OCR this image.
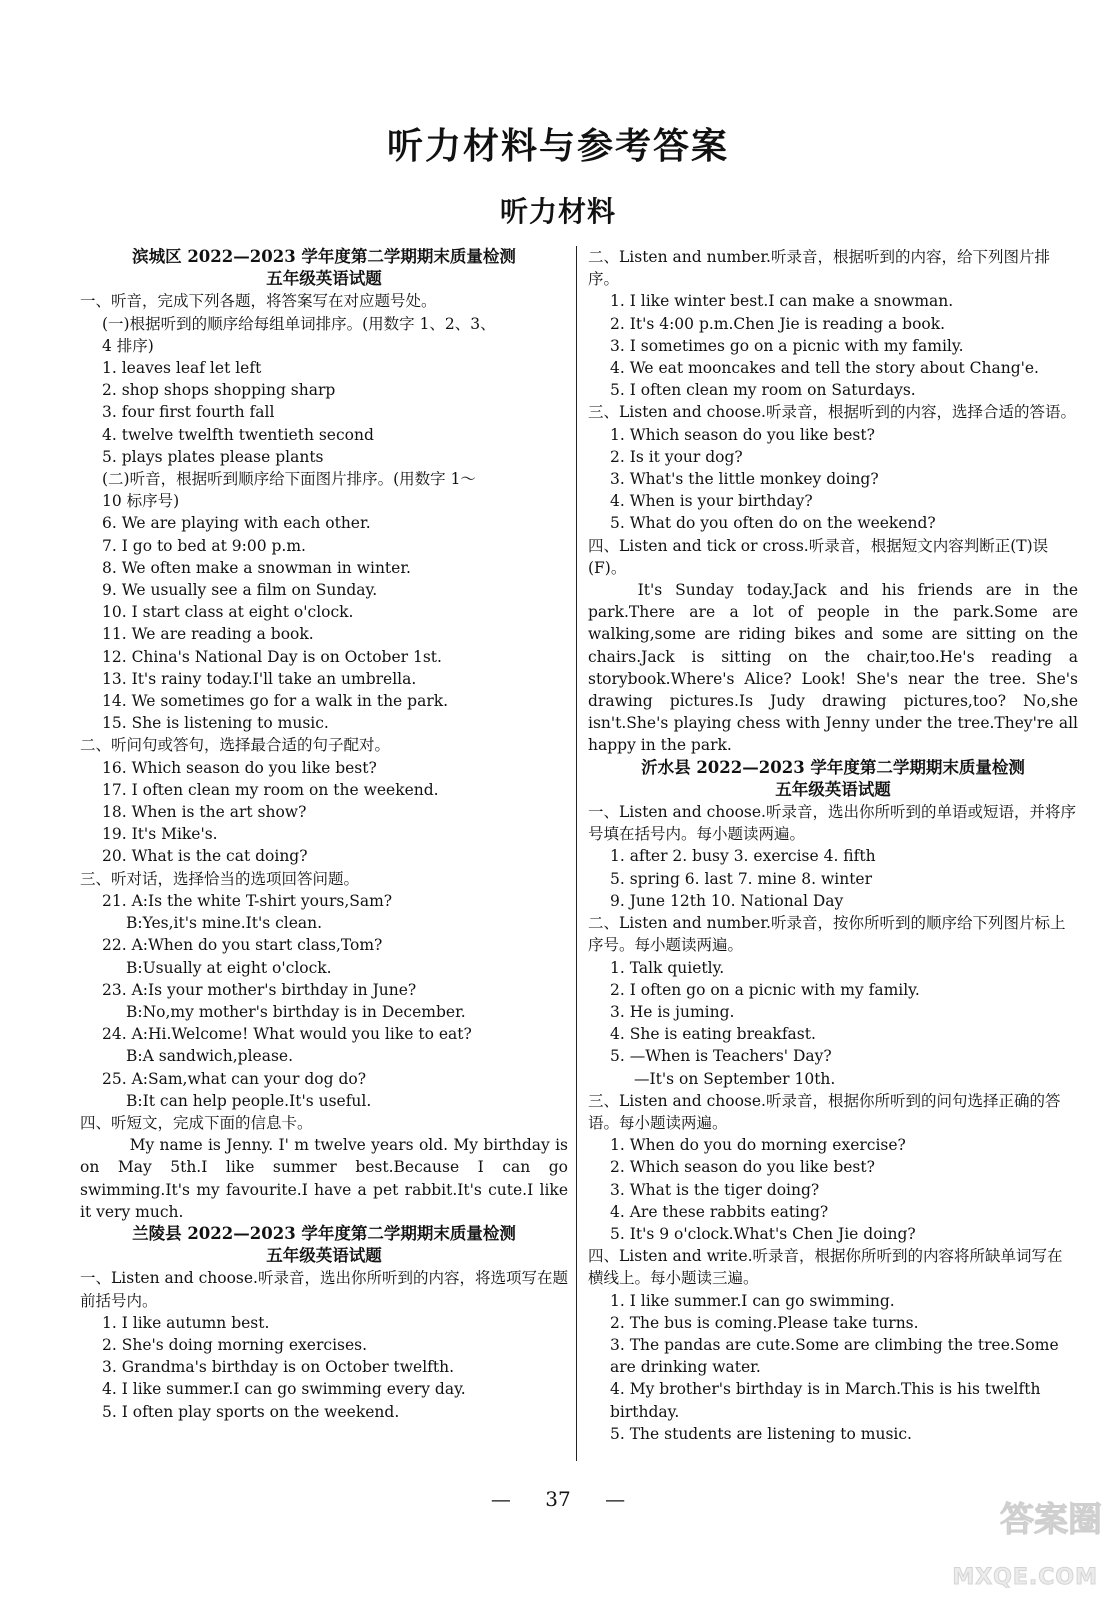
听力材料与参考答案
听力材料

滨城区 2022—2023 学年度第二学期期末质量检测

五年级英语试题

一、听音，完成下列各题，将答案写在对应题号处。

(一)根据听到的顺序给每组单词排序。(用数字 1、2、3、

4 排序)

1. leaves leaf let left

2. shop shops shopping sharp

3. four first fourth fall

4. twelve twelfth twentieth second

5. plays plates please plants

(二)听音，根据听到顺序给下面图片排序。(用数字 1～

10 标序号)

6. We are playing with each other.

7. I go to bed at 9:00 p.m.

8. We often make a snowman in winter.

9. We usually see a film on Sunday.

10. I start class at eight o'clock.

11. We are reading a book.

12. China's National Day is on October 1st.

13. It's rainy today.I'll take an umbrella.

14. We sometimes go for a walk in the park.

15. She is listening to music.

二、听问句或答句，选择最合适的句子配对。

16. Which season do you like best?

17. I often clean my room on the weekend.

18. When is the art show?

19. It's Mike's.

20. What is the cat doing?

三、听对话，选择恰当的选项回答问题。

21. A:Is the white T-shirt yours,Sam?

B:Yes,it's mine.It's clean.

22. A:When do you start class,Tom?

B:Usually at eight o'clock.

23. A:Is your mother's birthday in June?

B:No,my mother's birthday is in December.

24. A:Hi.Welcome! What would you like to eat?

B:A sandwich,please.

25. A:Sam,what can your dog do?

B:It can help people.It's useful.

四、听短文，完成下面的信息卡。

My name is Jenny. I' m twelve years old. My birthday is on May 5th.I like summer best.Because I can go swimming.It's my favourite.I have a pet rabbit.It's cute.I like it very much.

兰陵县 2022—2023 学年度第二学期期末质量检测

五年级英语试题

一、Listen and choose.听录音，选出你所听到的内容，将选项写在题前括号内。

1. I like autumn best.

2. She's doing morning exercises.

3. Grandma's birthday is on October twelfth.

4. I like summer.I can go swimming every day.

5. I often play sports on the weekend.

二、Listen and number.听录音，根据听到的内容，给下列图片排序。

1. I like winter best.I can make a snowman.

2. It's 4:00 p.m.Chen Jie is reading a book.

3. I sometimes go on a picnic with my family.

4. We eat mooncakes and tell the story about Chang'e.

5. I often clean my room on Saturdays.

三、Listen and choose.听录音，根据听到的内容，选择合适的答语。

1. Which season do you like best?

2. Is it your dog?

3. What's the little monkey doing?

4. When is your birthday?

5. What do you often do on the weekend?

四、Listen and tick or cross.听录音，根据短文内容判断正(T)误(F)。

It's Sunday today.Jack and his friends are in the park.There are a lot of people in the park.Some are walking,some are riding bikes and some are sitting on the chairs.Jack is sitting on the chair,too.He's reading a storybook.Where's Alice? Look! She's near the tree. She's drawing pictures.Is Judy drawing pictures,too? No,she isn't.She's playing chess with Jenny under the tree.They're all happy in the park.

沂水县 2022—2023 学年度第二学期期末质量检测

五年级英语试题

一、Listen and choose.听录音，选出你所听到的单语或短语，并将序号填在括号内。每小题读两遍。

1. after 2. busy 3. exercise 4. fifth

5. spring 6. last 7. mine 8. winter

9. June 12th 10. National Day

二、Listen and number.听录音，按你所听到的顺序给下列图片标上序号。每小题读两遍。

1. Talk quietly.

2. I often go on a picnic with my family.

3. He is juming.

4. She is eating breakfast.

5. —When is Teachers' Day?

—It's on September 10th.

三、Listen and choose.听录音，根据你所听到的问句选择正确的答语。每小题读两遍。

1. When do you do morning exercise?

2. Which season do you like best?

3. What is the tiger doing?

4. Are these rabbits eating?

5. It's 9 o'clock.What's Chen Jie doing?

四、Listen and write.听录音，根据你所听到的内容将所缺单词写在横线上。每小题读三遍。

1. I like summer.I can go swimming.

2. The bus is coming.Please take turns.

3. The pandas are cute.Some are climbing the tree.Some are drinking water.

4. My brother's birthday is in March.This is his twelfth birthday.

5. The students are listening to music.

— 37 —
答案圈
MXQE.COM
